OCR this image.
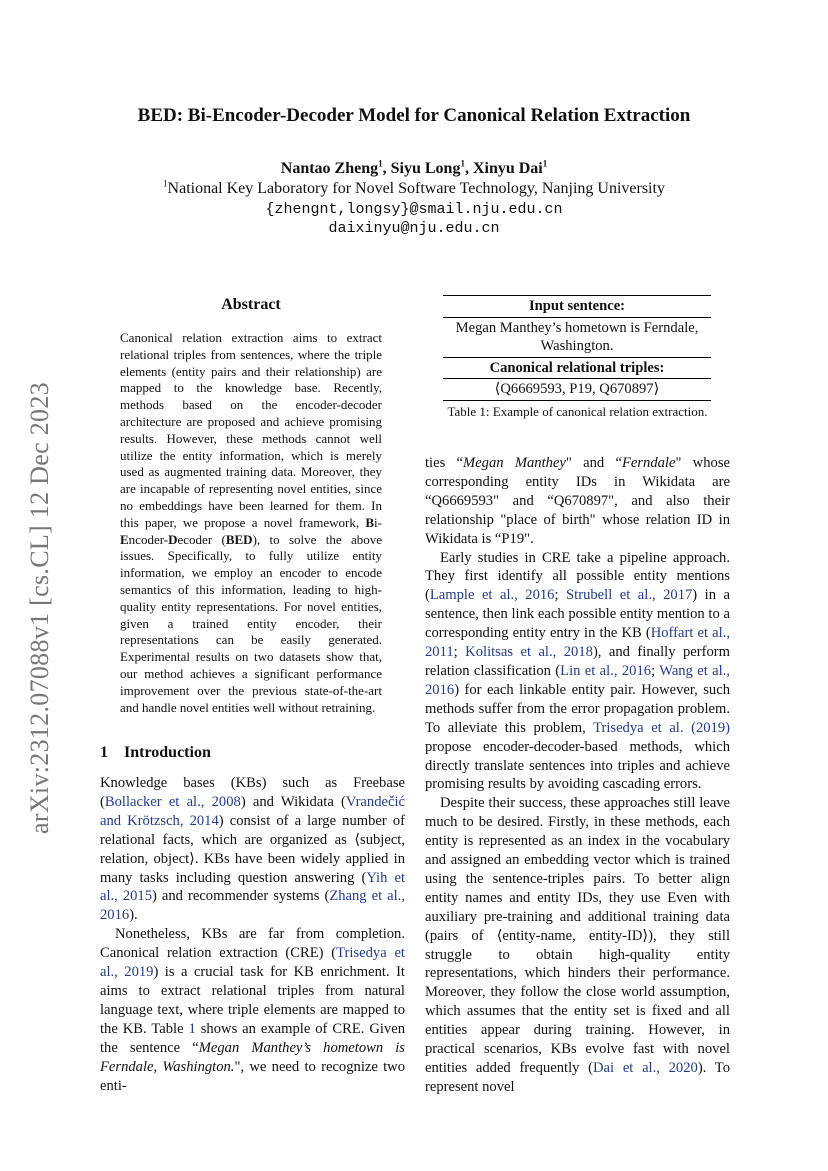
arXiv:2312.07088v1 [cs.CL] 12 Dec 2023
BED: Bi-Encoder-Decoder Model for Canonical Relation Extraction
Nantao Zheng$^1$, Siyu Long$^1$, Xinyu Dai$^1$
$^1$National Key Laboratory for Novel Software Technology, Nanjing University
{zhengnt,longsy}@smail.nju.edu.cn
daixinyu@nju.edu.cn
Abstract
Canonical relation extraction aims to extract relational triples from sentences, where the triple elements (entity pairs and their relationship) are mapped to the knowledge base. Recently, methods based on the encoder-decoder architecture are proposed and achieve promising results. However, these methods cannot well utilize the entity information, which is merely used as augmented training data. Moreover, they are incapable of representing novel entities, since no embeddings have been learned for them. In this paper, we propose a novel framework, Bi-Encoder-Decoder (BED), to solve the above issues. Specifically, to fully utilize entity information, we employ an encoder to encode semantics of this information, leading to high-quality entity representations. For novel entities, given a trained entity encoder, their representations can be easily generated. Experimental results on two datasets show that, our method achieves a significant performance improvement over the previous state-of-the-art and handle novel entities well without retraining.
1 Introduction

Knowledge bases (KBs) such as Freebase (Bollacker et al., 2008) and Wikidata (Vrandečić and Krötzsch, 2014) consist of a large number of relational facts, which are organized as ⟨subject, relation, object⟩. KBs have been widely applied in many tasks including question answering (Yih et al., 2015) and recommender systems (Zhang et al., 2016).

Nonetheless, KBs are far from completion. Canonical relation extraction (CRE) (Trisedya et al., 2019) is a crucial task for KB enrichment. It aims to extract relational triples from natural language text, where triple elements are mapped to the KB. Table 1 shows an example of CRE. Given the sentence “Megan Manthey’s hometown is Ferndale, Washington.", we need to recognize two enti-

Input sentence:
Megan Manthey’s hometown is Ferndale, Washington.
Canonical relational triples:
⟨Q6669593, P19, Q670897⟩
Table 1: Example of canonical relation extraction.

ties “Megan Manthey" and “Ferndale" whose corresponding entity IDs in Wikidata are “Q6669593" and “Q670897", and also their relationship "place of birth" whose relation ID in Wikidata is “P19".

Early studies in CRE take a pipeline approach. They first identify all possible entity mentions (Lample et al., 2016; Strubell et al., 2017) in a sentence, then link each possible entity mention to a corresponding entity entry in the KB (Hoffart et al., 2011; Kolitsas et al., 2018), and finally perform relation classification (Lin et al., 2016; Wang et al., 2016) for each linkable entity pair. However, such methods suffer from the error propagation problem. To alleviate this problem, Trisedya et al. (2019) propose encoder-decoder-based methods, which directly translate sentences into triples and achieve promising results by avoiding cascading errors.

Despite their success, these approaches still leave much to be desired. Firstly, in these methods, each entity is represented as an index in the vocabulary and assigned an embedding vector which is trained using the sentence-triples pairs. To better align entity names and entity IDs, they use Even with auxiliary pre-training and additional training data (pairs of ⟨entity-name, entity-ID⟩), they still struggle to obtain high-quality entity representations, which hinders their performance. Moreover, they follow the close world assumption, which assumes that the entity set is fixed and all entities appear during training. However, in practical scenarios, KBs evolve fast with novel entities added frequently (Dai et al., 2020). To represent novel
